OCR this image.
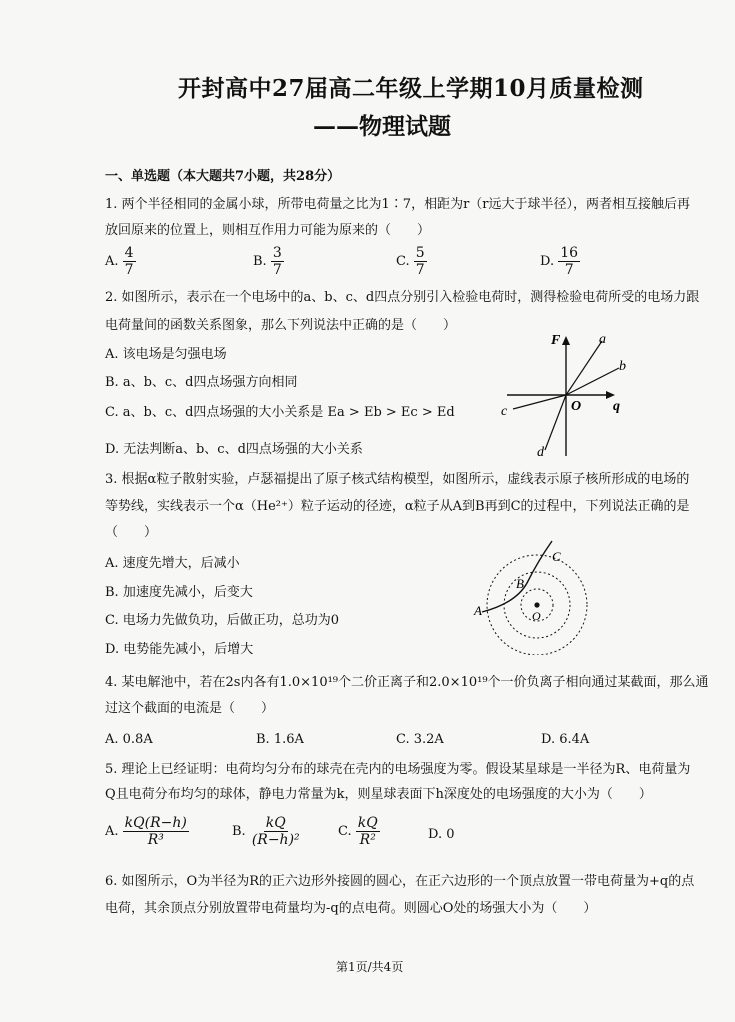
开封高中27届高二年级上学期10月质量检测
——物理试题
一、单选题（本大题共7小题，共28分）
1. 两个半径相同的金属小球，所带电荷量之比为1∶7，相距为r（r远大于球半径），两者相互接触后再
放回原来的位置上，则相互作用力可能为原来的（　　）
A. $\frac{4}{7}$	B. $\frac{3}{7}$	C. $\frac{5}{7}$	D. $\frac{16}{7}$
2. 如图所示，表示在一个电场中的a、b、c、d四点分别引入检验电荷时，测得检验电荷所受的电场力跟
电荷量间的函数关系图象，那么下列说法中正确的是（　　）
A. 该电场是匀强电场
B. a、b、c、d四点场强方向相同
C. a、b、c、d四点场强的大小关系是 Ea > Eb > Ec > Ed
D. 无法判断a、b、c、d四点场强的大小关系
F	a
b
O q
c
d
3. 根据α粒子散射实验，卢瑟福提出了原子核式结构模型，如图所示，虚线表示原子核所形成的电场的
等势线，实线表示一个α（He²⁺）粒子运动的径迹，α粒子从A到B再到C的过程中，下列说法正确的是
（　　）
A. 速度先增大，后减小
B. 加速度先减小，后变大
C. 电场力先做负功，后做正功，总功为0
D. 电势能先减小，后增大
A
B
C
O
4. 某电解池中，若在2s内各有1.0×10¹⁹个二价正离子和2.0×10¹⁹个一价负离子相向通过某截面，那么通
过这个截面的电流是（　　）
A. 0.8A	B. 1.6A	C. 3.2A	D. 6.4A
5. 理论上已经证明：电荷均匀分布的球壳在壳内的电场强度为零。假设某星球是一半径为R、电荷量为
Q且电荷分布均匀的球体，静电力常量为k，则星球表面下h深度处的电场强度的大小为（　　）
A. $\frac{kQ(R-h)}{\text{R³}}$	B. $\frac{kQ}{\text{(R−h)²}}$	C. $\frac{kQ}{\text{R²}}$	D. 0
6. 如图所示，O为半径为R的正六边形外接圆的圆心，在正六边形的一个顶点放置一带电荷量为+q的点
电荷，其余顶点分别放置带电荷量均为-q的点电荷。则圆心O处的场强大小为（　　）
第1页/共4页
